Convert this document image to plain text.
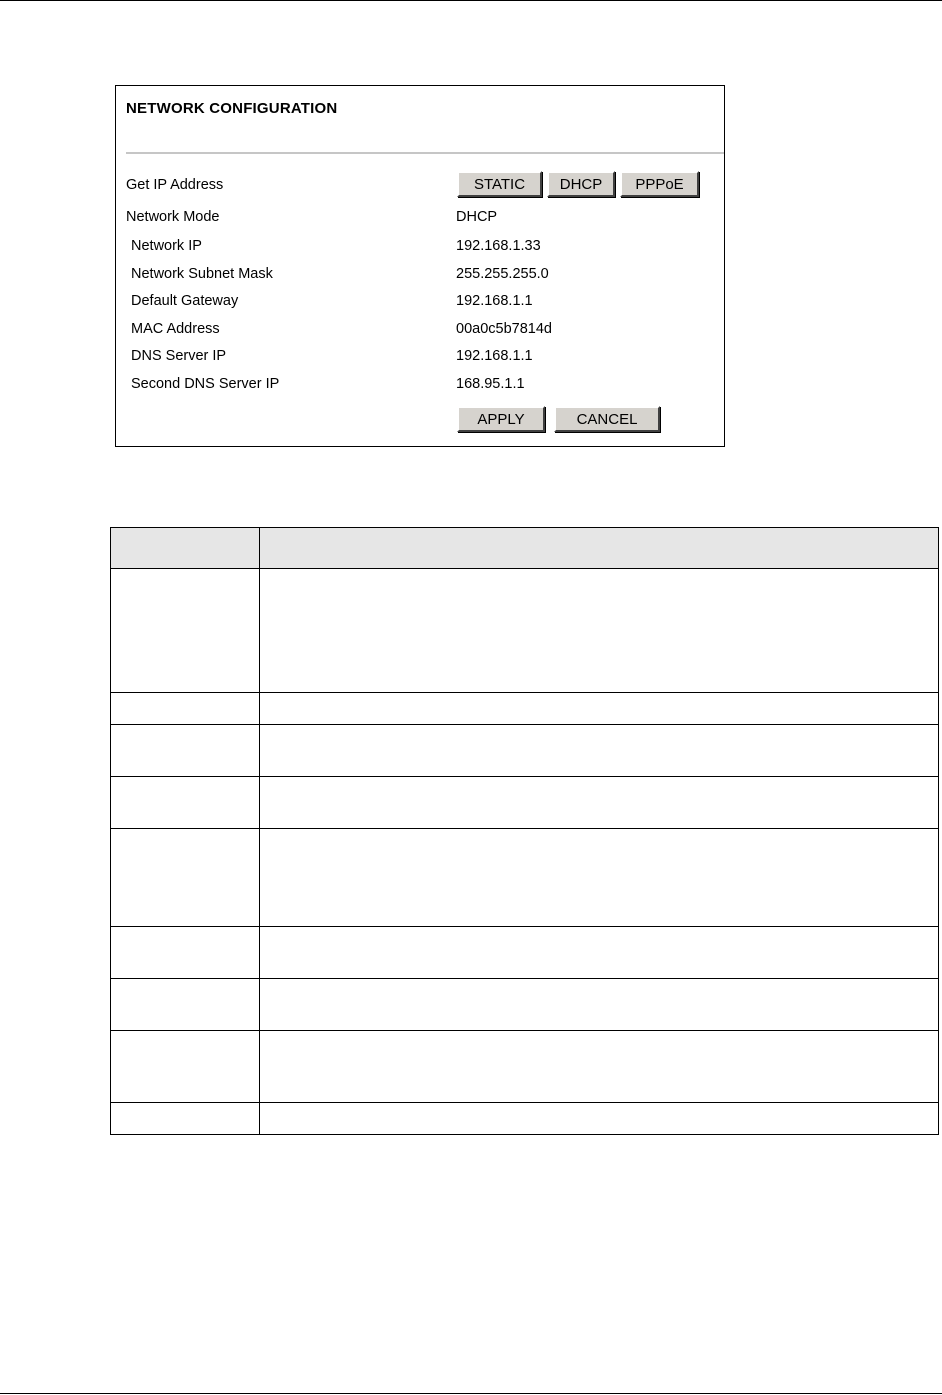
NETWORK CONFIGURATION
Get IP Address	STATIC	DHCP	PPPoE
Network Mode	DHCP
Network IP	192.168.1.33
Network Subnet Mask	255.255.255.0
Default Gateway	192.168.1.1
MAC Address	00a0c5b7814d
DNS Server IP	192.168.1.1
Second DNS Server IP	168.95.1.1
APPLY	CANCEL
